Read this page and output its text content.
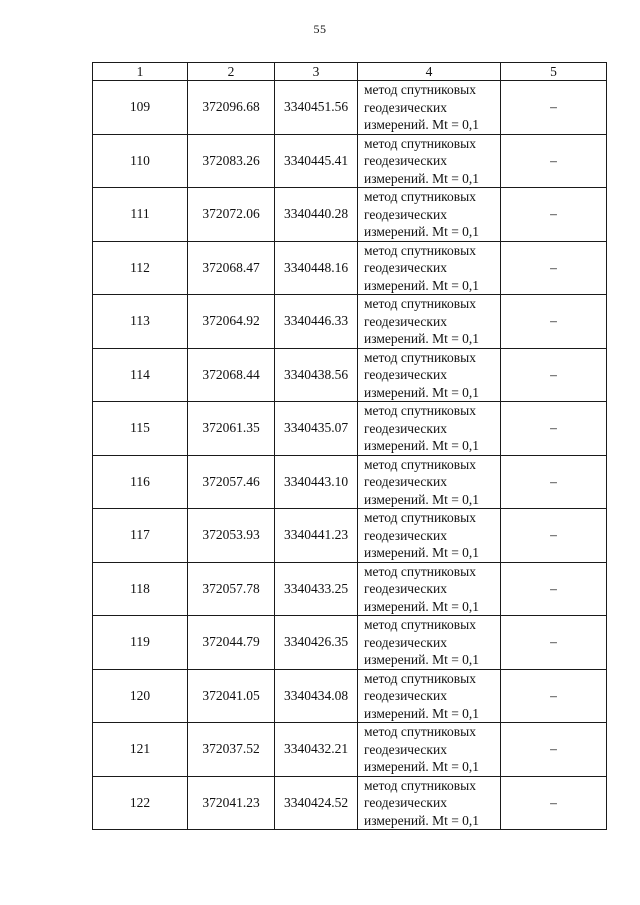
55
1	2	3	4	5
109	372096.68	3340451.56	метод спутниковых
геодезических
измерений. Mt = 0,1	–
110	372083.26	3340445.41	метод спутниковых
геодезических
измерений. Mt = 0,1	–
111	372072.06	3340440.28	метод спутниковых
геодезических
измерений. Mt = 0,1	–
112	372068.47	3340448.16	метод спутниковых
геодезических
измерений. Mt = 0,1	–
113	372064.92	3340446.33	метод спутниковых
геодезических
измерений. Mt = 0,1	–
114	372068.44	3340438.56	метод спутниковых
геодезических
измерений. Mt = 0,1	–
115	372061.35	3340435.07	метод спутниковых
геодезических
измерений. Mt = 0,1	–
116	372057.46	3340443.10	метод спутниковых
геодезических
измерений. Mt = 0,1	–
117	372053.93	3340441.23	метод спутниковых
геодезических
измерений. Mt = 0,1	–
118	372057.78	3340433.25	метод спутниковых
геодезических
измерений. Mt = 0,1	–
119	372044.79	3340426.35	метод спутниковых
геодезических
измерений. Mt = 0,1	–
120	372041.05	3340434.08	метод спутниковых
геодезических
измерений. Mt = 0,1	–
121	372037.52	3340432.21	метод спутниковых
геодезических
измерений. Mt = 0,1	–
122	372041.23	3340424.52	метод спутниковых
геодезических
измерений. Mt = 0,1	–
